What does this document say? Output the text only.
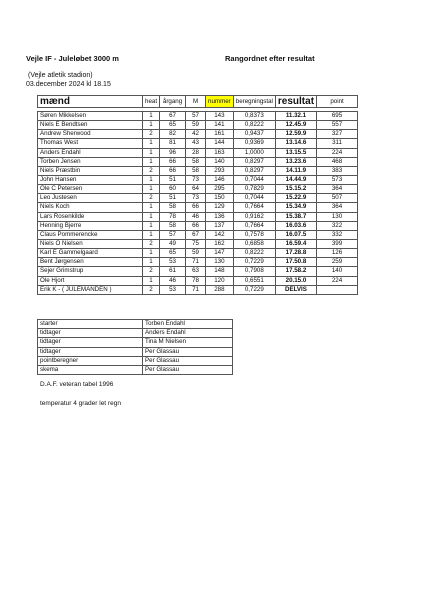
Vejle IF - Juleløbet 3000 m	Rangordnet efter resultat
(Vejle atletik stadion)
03.december 2024 kl 18.15
mænd	heat	årgang	M	nummer	beregningstal	resultat	point

Søren Mikkelsen	1	67	57	143	0,8373	11.32.1	695
Niels E Bendtsen	1	65	59	141	0,8222	12.45.9	557
Andrew Sherwood	2	82	42	161	0,9437	12.59.9	327
Thomas West	1	81	43	144	0,9369	13.14.6	311
Anders Endahl	1	96	28	163	1,0000	13.15.5	224
Torben Jensen	1	66	58	140	0,8297	13.23.6	468
Niels Præstbin	2	66	58	293	0,8297	14.11.9	383
John Hansen	1	51	73	146	0,7044	14.44.9	573
Ole C Petersen	1	60	64	295	0,7829	15.15.2	364
Leo Justesen	2	51	73	150	0,7044	15.22.9	507
Niels Koch	1	58	66	129	0,7664	15.34.9	364
Lars Rosenkilde	1	78	46	136	0,9162	15.38.7	130
Henning Bjerre	1	58	66	137	0,7664	16.03.6	322
Claus Pommerencke	1	57	67	142	0,7578	16.07.5	332
Niels O Nielsen	2	49	75	162	0,6858	16.59.4	399
Karl E Gammelgaard	1	65	59	147	0,8222	17.28.8	126
Bent Jørgensen	1	53	71	130	0,7229	17.50.8	259
Sejer Grimstrup	2	61	63	148	0,7908	17.58.2	140
Ole Hjort	1	46	78	120	0,6551	20.15.0	224
Erik K - ( JULEMANDEN )	2	53	71	288	0,7229	DELVIS	
starter	Torben Endahl
tidtager	Anders Endahl
tidtager	Tina M Nielsen
tidtager	Per Glassau
pointberegner	Per Glassau
skema	Per Glassau
D.A.F. veteran tabel 1996
temperatur 4 grader let regn
